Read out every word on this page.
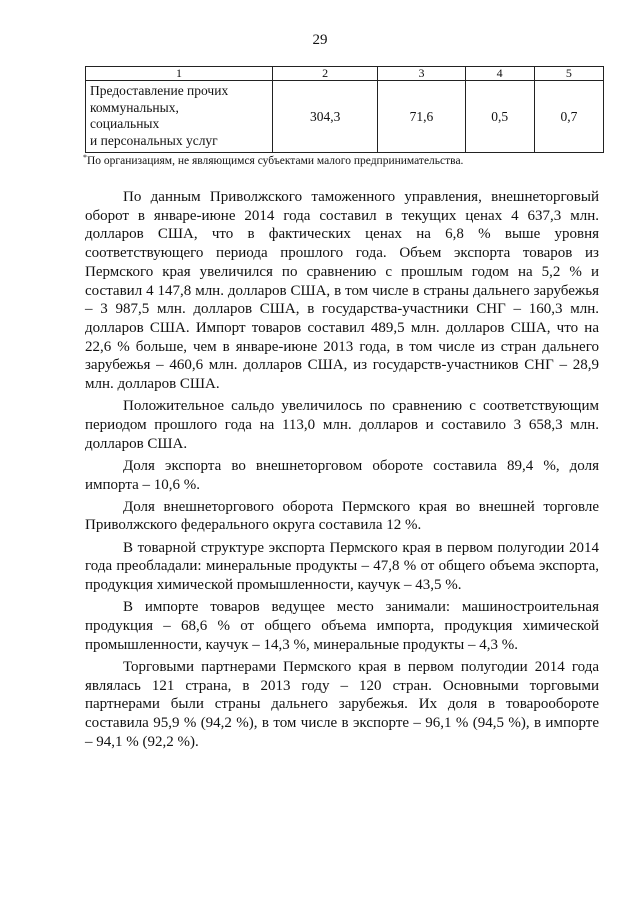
29
1	2	3	4	5

Предоставление прочих
коммунальных,
социальных
и персональных услуг	304,3	71,6	0,5	0,7
*По организациям, не являющимся субъектами малого предпринимательства.

По данным Приволжского таможенного управления, внешнеторговый оборот в январе-июне 2014 года составил в текущих ценах 4 637,3 млн. долларов США, что в фактических ценах на 6,8 % выше уровня соответствующего периода прошлого года. Объем экспорта товаров из Пермского края увеличился по сравнению с прошлым годом на 5,2 % и составил 4 147,8 млн. долларов США, в том числе в страны дальнего зарубежья – 3 987,5 млн. долларов США, в государства-участники СНГ – 160,3 млн. долларов США. Импорт товаров составил 489,5 млн. долларов США, что на 22,6 % больше, чем в январе-июне 2013 года, в том числе из стран дальнего зарубежья – 460,6 млн. долларов США, из государств-участников СНГ – 28,9 млн. долларов США.

Положительное сальдо увеличилось по сравнению с соответствующим периодом прошлого года на 113,0 млн. долларов и составило 3 658,3 млн. долларов США.

Доля экспорта во внешнеторговом обороте составила 89,4 %, доля импорта – 10,6 %.

Доля внешнеторгового оборота Пермского края во внешней торговле Приволжского федерального округа составила 12 %.

В товарной структуре экспорта Пермского края в первом полугодии 2014 года преобладали: минеральные продукты – 47,8 % от общего объема экспорта, продукция химической промышленности, каучук – 43,5 %.

В импорте товаров ведущее место занимали: машиностроительная продукция – 68,6 % от общего объема импорта, продукция химической промышленности, каучук – 14,3 %, минеральные продукты – 4,3 %.

Торговыми партнерами Пермского края в первом полугодии 2014 года являлась 121 страна, в 2013 году – 120 стран. Основными торговыми партнерами были страны дальнего зарубежья. Их доля в товарообороте составила 95,9 % (94,2 %), в том числе в экспорте – 96,1 % (94,5 %), в импорте – 94,1 % (92,2 %).
